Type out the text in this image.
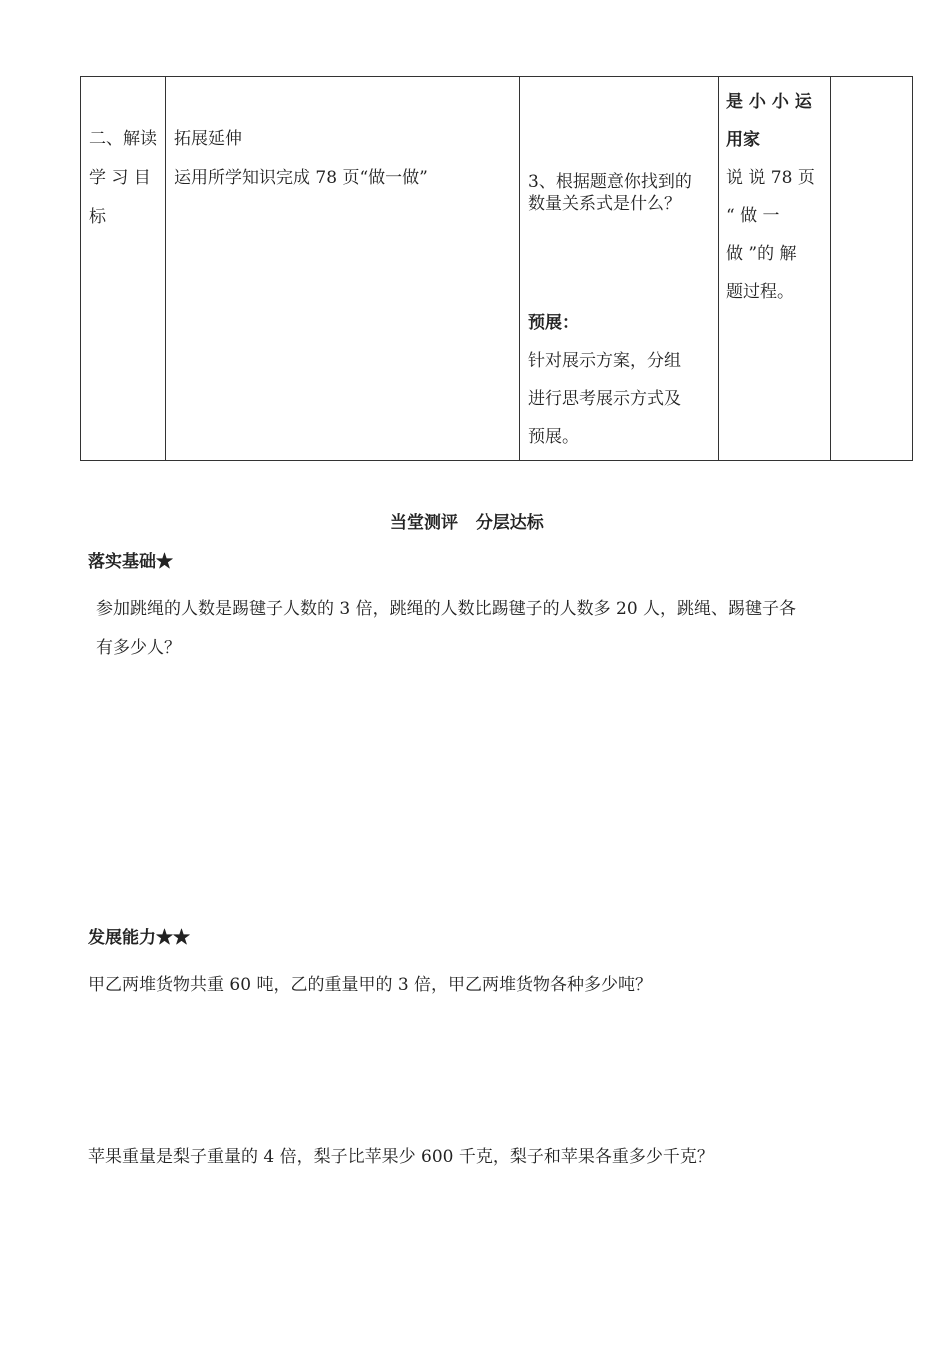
二、解读
学 习 目
标

拓展延伸
运用所学知识完成 78 页“做一做”	3、根据题意你找到的
数量关系式是什么？
预展：
针对展示方案，分组
进行思考展示方式及
预展。

是 小 小 运
用家
说 说 78 页
“ 做 一
做 ”的 解
题过程。

当堂测评   分层达标
落实基础★
参加跳绳的人数是踢毽子人数的 3 倍，跳绳的人数比踢毽子的人数多 20 人，跳绳、踢毽子各
有多少人？
发展能力★★
甲乙两堆货物共重 60 吨，乙的重量甲的 3 倍，甲乙两堆货物各种多少吨？
苹果重量是梨子重量的 4 倍，梨子比苹果少 600 千克，梨子和苹果各重多少千克？
